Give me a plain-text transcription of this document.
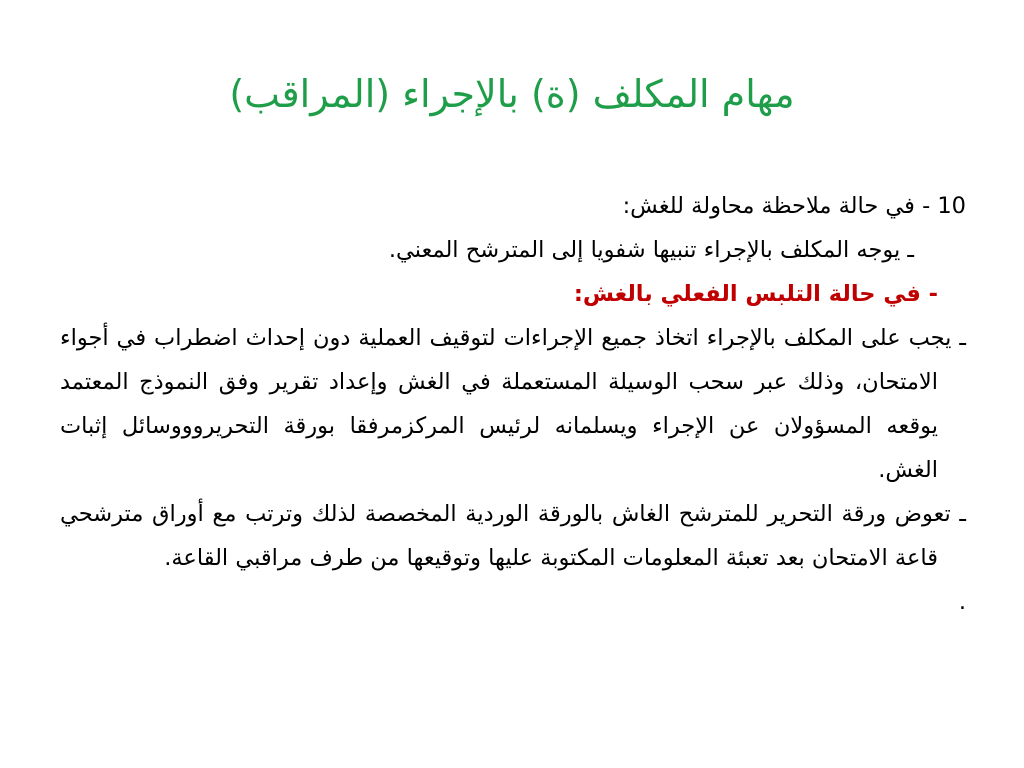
مهام المكلف (ة) بالإجراء (المراقب)

10 - في حالة ملاحظة محاولة للغش:

ـ يوجه المكلف بالإجراء تنبيها شفويا إلى المترشح المعني.

- في حالة التلبس الفعلي بالغش:

ـ يجب على المكلف بالإجراء اتخاذ جميع الإجراءات لتوقيف العملية دون إحداث اضطراب في أجواء الامتحان، وذلك عبر سحب الوسيلة المستعملة في الغش وإعداد تقرير وفق النموذج المعتمد يوقعه المسؤولان عن الإجراء ويسلمانه لرئيس المركزمرفقا بورقة التحريروووسائل إثبات الغش.

ـ تعوض ورقة التحرير للمترشح الغاش بالورقة الوردية المخصصة لذلك وترتب مع أوراق مترشحي قاعة الامتحان بعد تعبئة المعلومات المكتوبة عليها وتوقيعها من طرف مراقبي القاعة.

.
